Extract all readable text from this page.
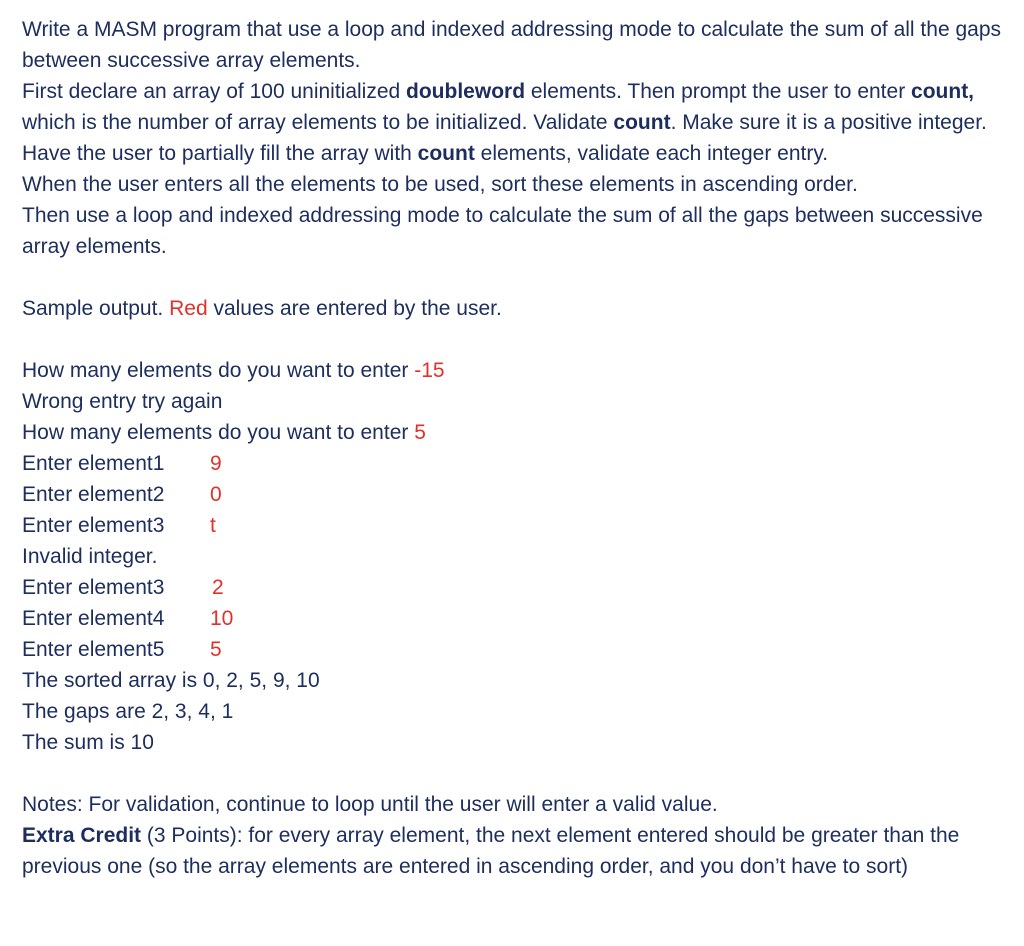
Write a MASM program that use a loop and indexed addressing mode to calculate the sum of all the gaps between successive array elements.
First declare an array of 100 uninitialized doubleword elements. Then prompt the user to enter count, which is the number of array elements to be initialized. Validate count. Make sure it is a positive integer.
Have the user to partially fill the array with count elements, validate each integer entry.
When the user enters all the elements to be used, sort these elements in ascending order.
Then use a loop and indexed addressing mode to calculate the sum of all the gaps between successive array elements.
Sample output. Red values are entered by the user.
How many elements do you want to enter -15
Wrong entry try again
How many elements do you want to enter 5
Enter element1 9
Enter element2 0
Enter element3 t
Invalid integer.
Enter element3 2
Enter element4 10
Enter element5 5
The sorted array is 0, 2, 5, 9, 10
The gaps are 2, 3, 4, 1
The sum is 10
Notes: For validation, continue to loop until the user will enter a valid value.
Extra Credit (3 Points): for every array element, the next element entered should be greater than the previous one (so the array elements are entered in ascending order, and you don’t have to sort)
